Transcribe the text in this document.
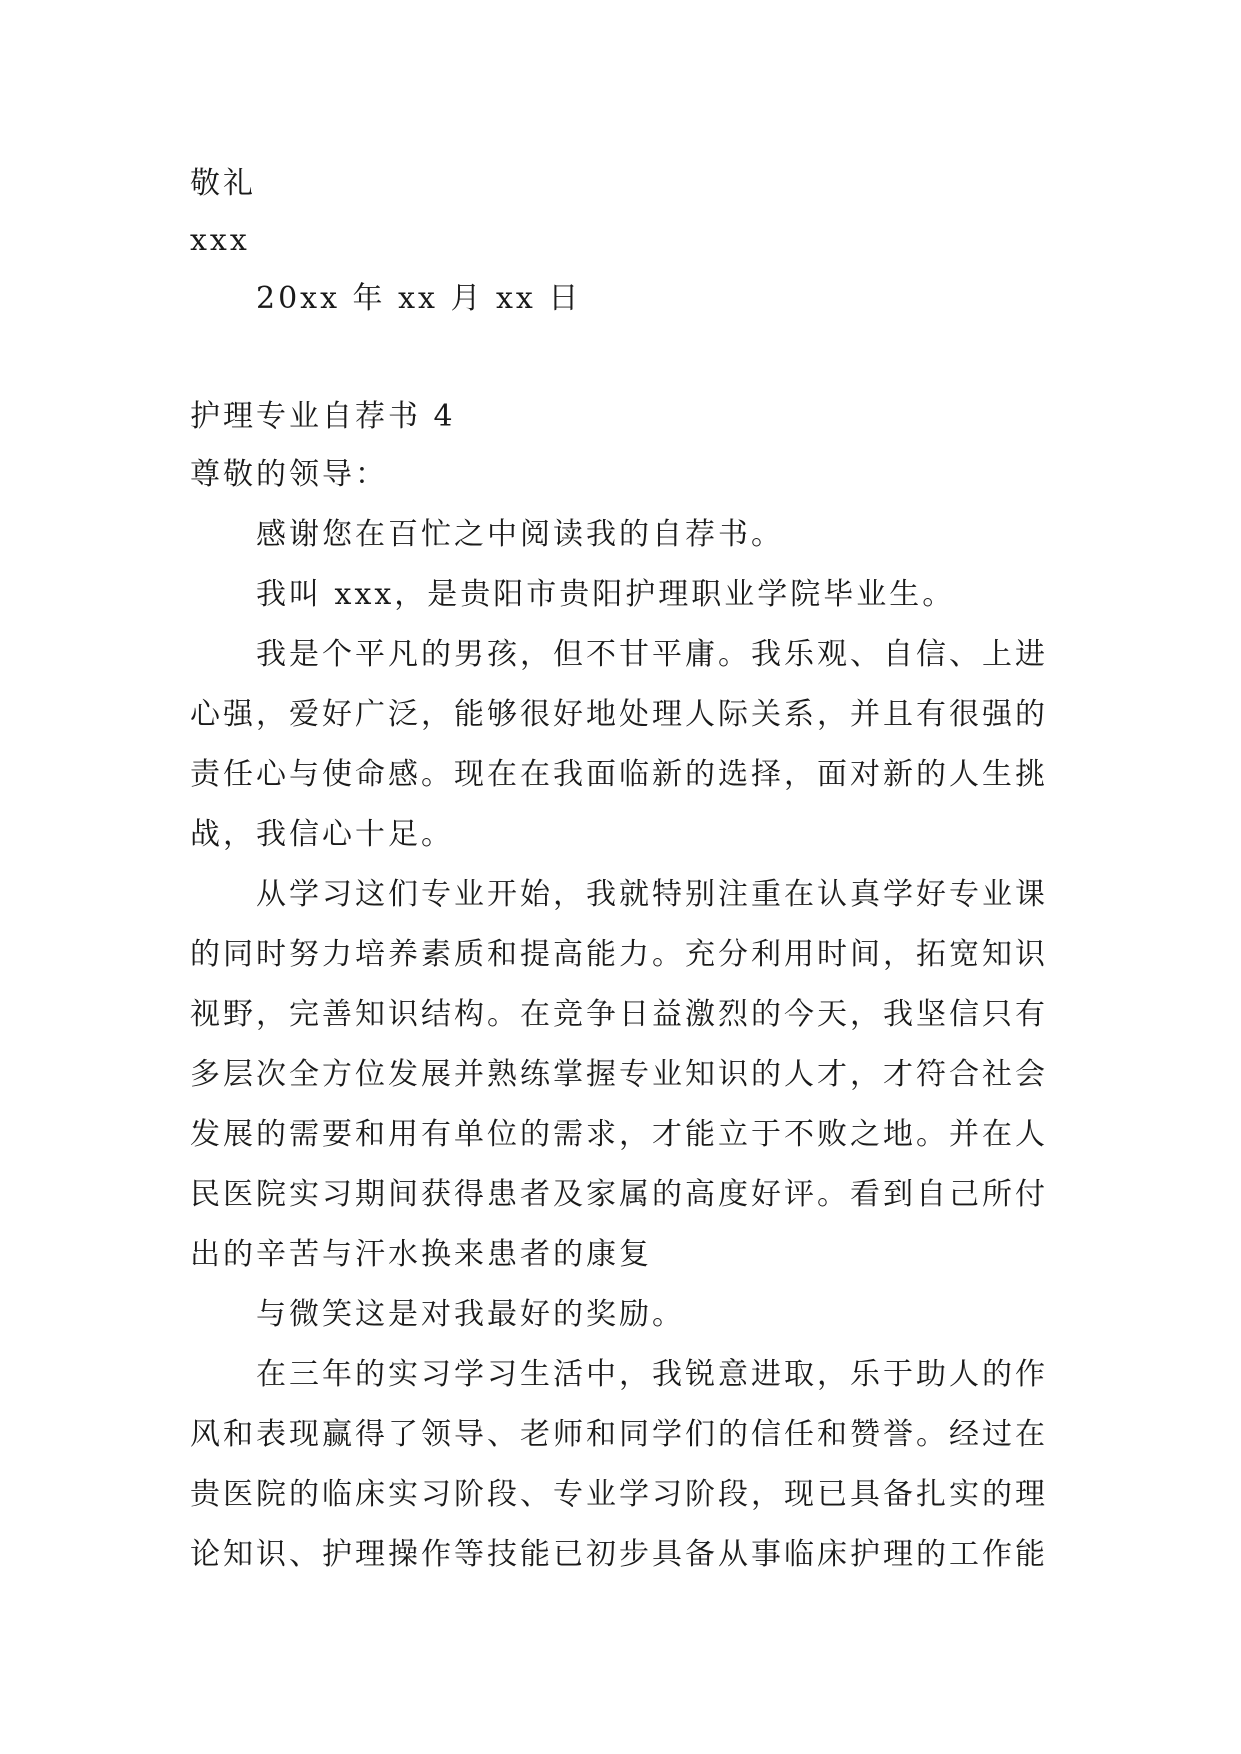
敬礼
xxx
20xx 年 xx 月 xx 日
护理专业自荐书 4
尊敬的领导：
感谢您在百忙之中阅读我的自荐书。
我叫 xxx，是贵阳市贵阳护理职业学院毕业生。
我是个平凡的男孩，但不甘平庸。我乐观、自信、上进
心强，爱好广泛，能够很好地处理人际关系，并且有很强的
责任心与使命感。现在在我面临新的选择，面对新的人生挑
战，我信心十足。
从学习这们专业开始，我就特别注重在认真学好专业课
的同时努力培养素质和提高能力。充分利用时间，拓宽知识
视野，完善知识结构。在竞争日益激烈的今天，我坚信只有
多层次全方位发展并熟练掌握专业知识的人才，才符合社会
发展的需要和用有单位的需求，才能立于不败之地。并在人
民医院实习期间获得患者及家属的高度好评。看到自己所付
出的辛苦与汗水换来患者的康复
与微笑这是对我最好的奖励。
在三年的实习学习生活中，我锐意进取，乐于助人的作
风和表现赢得了领导、老师和同学们的信任和赞誉。经过在
贵医院的临床实习阶段、专业学习阶段，现已具备扎实的理
论知识、护理操作等技能已初步具备从事临床护理的工作能
